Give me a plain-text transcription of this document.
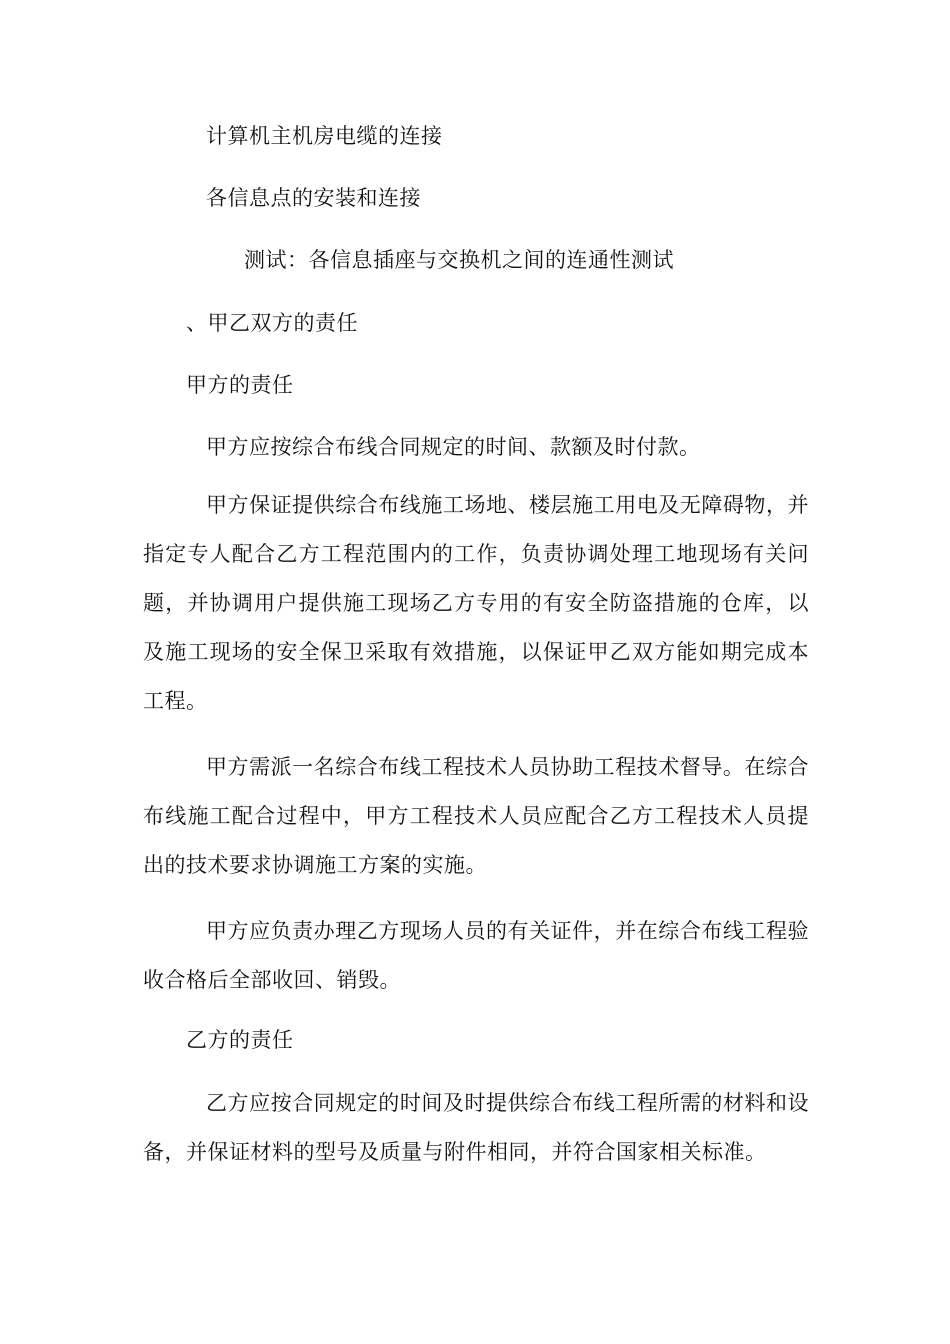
计算机主机房电缆的连接
各信息点的安装和连接
测试：各信息插座与交换机之间的连通性测试
、甲乙双方的责任
甲方的责任
甲方应按综合布线合同规定的时间、款额及时付款。
甲方保证提供综合布线施工场地、楼层施工用电及无障碍物，并指定专人配合乙方工程范围内的工作，负责协调处理工地现场有关问题，并协调用户提供施工现场乙方专用的有安全防盗措施的仓库，以及施工现场的安全保卫采取有效措施，以保证甲乙双方能如期完成本工程。
甲方需派一名综合布线工程技术人员协助工程技术督导。在综合布线施工配合过程中，甲方工程技术人员应配合乙方工程技术人员提出的技术要求协调施工方案的实施。
甲方应负责办理乙方现场人员的有关证件，并在综合布线工程验收合格后全部收回、销毁。
乙方的责任
乙方应按合同规定的时间及时提供综合布线工程所需的材料和设备，并保证材料的型号及质量与附件相同，并符合国家相关标准。
